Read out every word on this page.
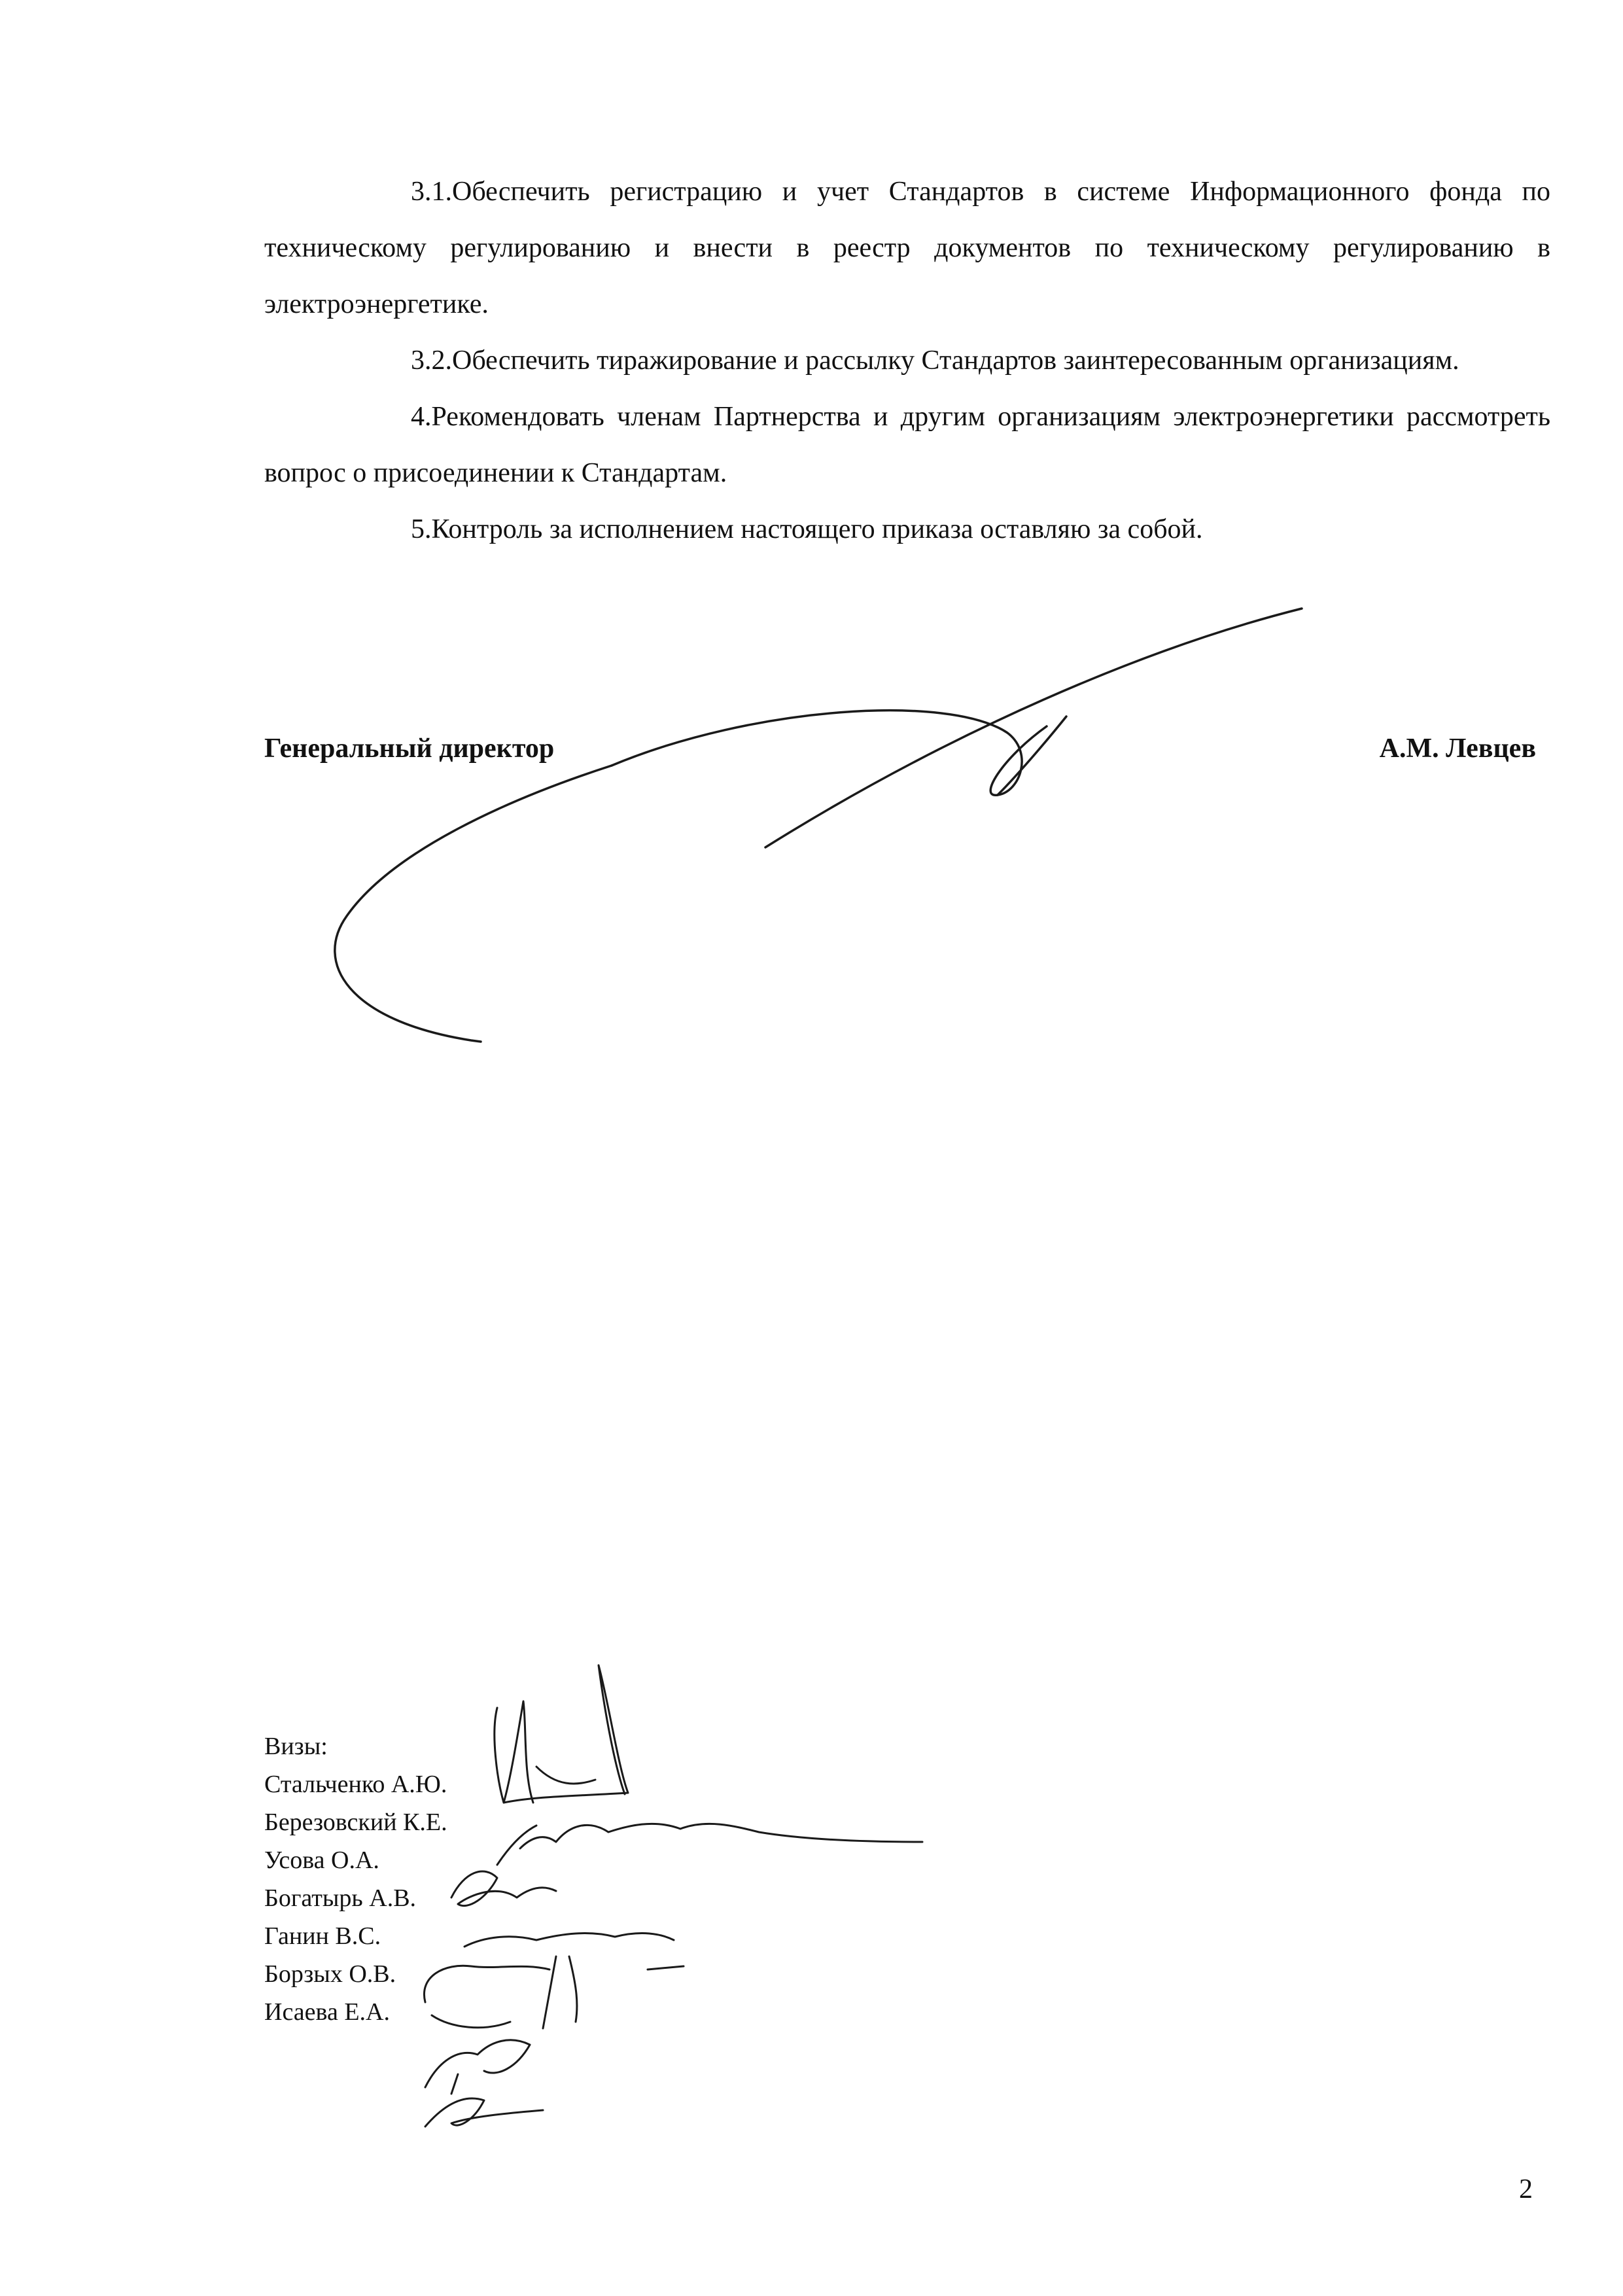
3.1.Обеспечить регистрацию и учет Стандартов в системе Информационного фонда по техническому регулированию и внести в реестр документов по техническому регулированию в электроэнергетике.

3.2.Обеспечить тиражирование и рассылку Стандартов заинтересованным организациям.

4.Рекомендовать членам Партнерства и другим организациям электроэнергетики рассмотреть вопрос о присоединении к Стандартам.

5.Контроль за исполнением настоящего приказа оставляю за собой.

Генеральный директор	А.М. Левцев
Визы:
Стальченко А.Ю.
Березовский К.Е.
Усова О.А.
Богатырь А.В.
Ганин В.С.
Борзых О.В.
Исаева Е.А.
2
